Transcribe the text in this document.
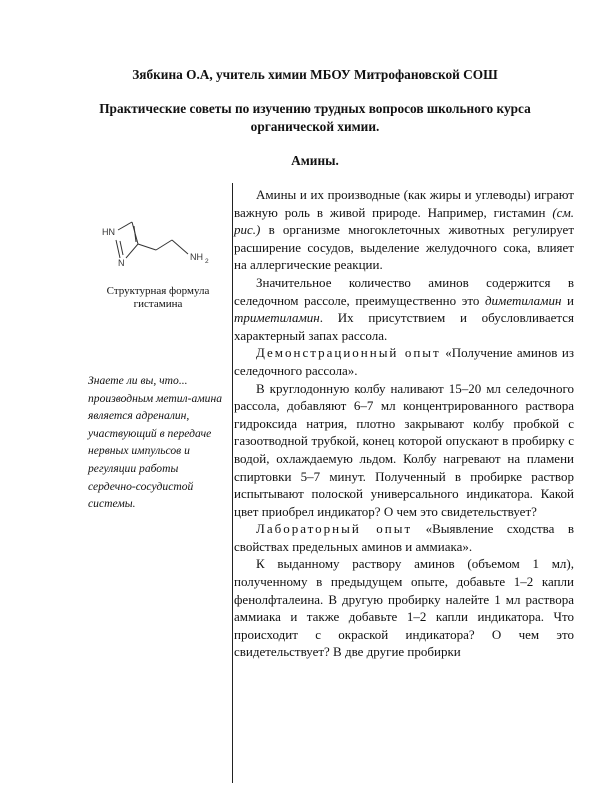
Зябкина О.А, учитель химии МБОУ Митрофановской СОШ
Практические советы по изучению трудных вопросов школьного курса органической химии.
Амины.
HN
N
NH 2
Структурная формула гистамина
Знаете ли вы, что... производным метил-амина является адреналин, участвующий в передаче нервных импульсов и регуляции работы сердечно-сосудистой системы.

Амины и их производные (как жиры и углеводы) играют важную роль в живой природе. Например, гистамин (см. рис.) в организме многоклеточных животных регулирует расширение сосудов, выделение желудочного сока, влияет на аллергические реакции.

Значительное количество аминов содержится в селедочном рассоле, преимущественно это диметиламин и триметиламин. Их присутствием и обусловливается характерный запах рассола.

Демонстрационный опыт «Получение аминов из селедочного рассола».

В круглодонную колбу наливают 15–20 мл селедочного рассола, добавляют 6–7 мл концентрированного раствора гидроксида натрия, плотно закрывают колбу пробкой с газоотводной трубкой, конец которой опускают в пробирку с водой, охлаждаемую льдом. Колбу нагревают на пламени спиртовки 5–7 минут. Полученный в пробирке раствор испытывают полоской универсального индикатора. Какой цвет приобрел индикатор? О чем это свидетельствует?

Лабораторный опыт «Выявление сходства в свойствах предельных аминов и аммиака».

К выданному раствору аминов (объемом 1 мл), полученному в предыдущем опыте, добавьте 1–2 капли фенолфталеина. В другую пробирку налейте 1 мл раствора аммиака и также добавьте 1–2 капли индикатора. Что происходит с окраской индикатора? О чем это свидетельствует? В две другие пробирки
